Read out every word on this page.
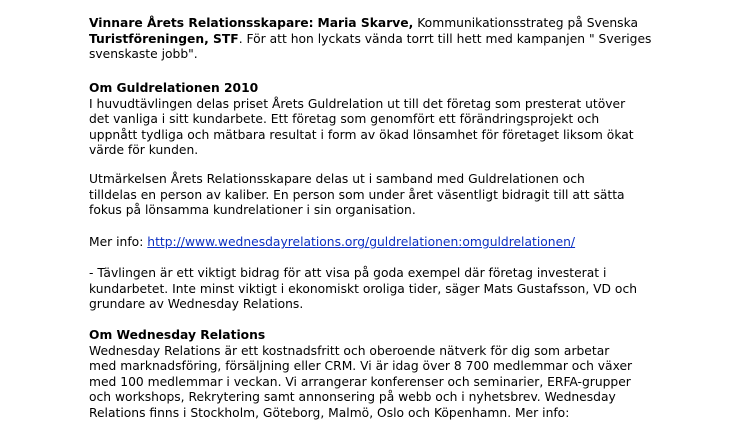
Vinnare Årets Relationsskapare: Maria Skarve, Kommunikationsstrateg på Svenska

Turistföreningen, STF. För att hon lyckats vända torrt till hett med kampanjen " Sveriges

svenskaste jobb".

Om Guldrelationen 2010

I huvudtävlingen delas priset Årets Guldrelation ut till det företag som presterat utöver

det vanliga i sitt kundarbete. Ett företag som genomfört ett förändringsprojekt och

uppnått tydliga och mätbara resultat i form av ökad lönsamhet för företaget liksom ökat

värde för kunden.

Utmärkelsen Årets Relationsskapare delas ut i samband med Guldrelationen och

tilldelas en person av kaliber. En person som under året väsentligt bidragit till att sätta

fokus på lönsamma kundrelationer i sin organisation.

Mer info: http://www.wednesdayrelations.org/guldrelationen:omguldrelationen/

- Tävlingen är ett viktigt bidrag för att visa på goda exempel där företag investerat i

kundarbetet. Inte minst viktigt i ekonomiskt oroliga tider, säger Mats Gustafsson, VD och

grundare av Wednesday Relations.

Om Wednesday Relations

Wednesday Relations är ett kostnadsfritt och oberoende nätverk för dig som arbetar

med marknadsföring, försäljning eller CRM. Vi är idag över 8 700 medlemmar och växer

med 100 medlemmar i veckan. Vi arrangerar konferenser och seminarier, ERFA-grupper

och workshops, Rekrytering samt annonsering på webb och i nyhetsbrev. Wednesday

Relations finns i Stockholm, Göteborg, Malmö, Oslo och Köpenhamn. Mer info:
